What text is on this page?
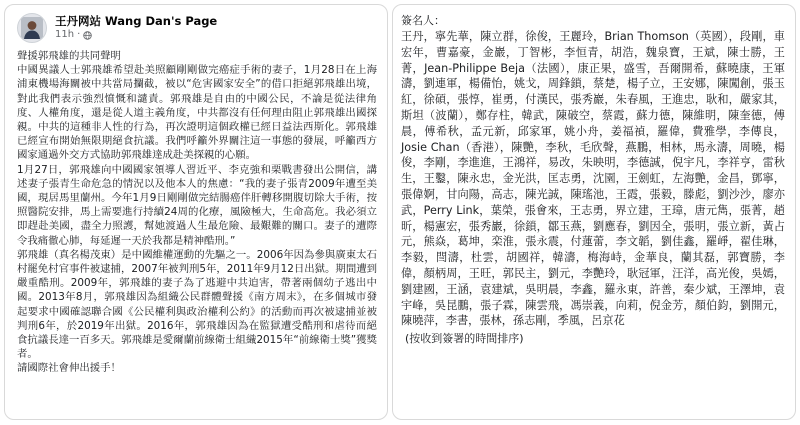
王丹网站 Wang Dan's Page
11h ·

聲援郭飛雄的共同聲明

中國異議人士郭飛雄希望赴美照顧剛剛做完癌症手術的妻子，1月28日在上海浦東機場海關被中共當局攔截，被以“危害國家安全”的借口拒絕郭飛雄出境，對此我們表示強烈憤慨和譴責。郭飛雄是自由的中國公民，不論是從法律角度、人權角度，還是從人道主義角度，中共都沒有任何理由阻止郭飛雄出國探親。中共的這種非人性的行為，再次證明這個政權已經日益法西斯化。郭飛雄已經宣布開始無限期絕食抗議。我們呼籲外界關注這一事態的發展，呼籲西方國家通過外交方式協助郭飛雄達成赴美探親的心願。

1月27日，郭飛雄向中國國家領導人習近平、李克強和栗戰書發出公開信，講述妻子張青生命危急的情況以及他本人的焦慮：“我的妻子張青2009年遭至美國，現居馬里蘭州。今年1月9日剛剛做完結腸癌伴肝轉移開腹切除大手術，按照醫院安排，馬上需要進行持續24周的化療，風險極大，生命高危。我必須立即趕赴美國，盡全力照護，幫她渡過人生最危險、最艱難的關口。妻子的遭際令我痛徹心肺，每延遲一天於我都是精神酷刑。”

郭飛雄（真名楊茂東）是中國維權運動的先驅之一。2006年因為參與廣東太石村罷免村官事件被逮捕，2007年被判刑5年，2011年9月12日出獄。期間遭到嚴重酷刑。2009年，郭飛雄的妻子為了逃避中共迫害，帶著兩個幼子逃出中國。2013年8月，郭飛雄因為組織公民群體聲援《南方周末》，在多個城市發起要求中國確認聯合國《公民權利與政治權利公約》的活動而再次被逮捕並被判刑6年，於2019年出獄。2016年，郭飛雄因為在監獄遭受酷刑和虐待而絕食抗議長達一百多天。郭飛雄是愛爾蘭前線衛士組織2015年“前線衛士獎”獲獎者。

請國際社會伸出援手！

簽名人：
王丹，寧先華，陳立群，徐俊，王麗玲，Brian Thomson（英國），段剛，車宏年，曹嘉豪，金巖，丁智彬，李恒青，胡浩，魏泉寶，王斌，陳士勝，王菁，Jean-Philippe Beja（法國），康正果，盛雪，吾爾開希，蘇曉康，王軍濤，劉連軍，楊備怡，姚戈，周鋒鎖，蔡楚，楊子立，王安娜，陳闖創，張玉紅，徐碩，張惇，崔勇，付漢民，張秀巖，朱春風，王進忠，耿和，嚴家其，斯坦（波蘭），鄭存柱，韓武，陳破空，蔡霞，蘇力德，陳維明，陳奎德，傅晨，傅希秋，孟元新，邱家軍，姚小舟，姜福禎，羅偉，費雅學，李傳良，Josie Chan（香港），陳艷，李秋，毛欣聲，燕鵬，相林，馬永濤，周曉，楊俊，李剛，李進進，王鴻祥，易改，朱映明，李德誠，倪宇凡，李祥亨，雷秋生，王鑿，陳永忠，金光洪，匡志勇，沈園，王劍虹，左海艷，金昌，鄧寧，張偉婀，甘向陽，高志，陳光誠，陳瑤池，王霞，張毅，滕彪，劉沙沙，廖亦武，Perry Link，葉榮，張會來，王志勇，界立建，王璋，唐元雋，張菁，趙昕，楊憲宏，張秀巖，徐鎖，鄒玉燕，劉應春，劉因全，張明，張立新，黃占元，熊焱，葛坤，栾淮，張永震，付蓮蕾，李文韜，劉佳鑫，羅崢，翟佳琳，李毅，閆濤，杜雲，胡國祥，韓濤，梅海峙，金華良，蘭其磊，郭寶勝，李偉，顏柄周，王旺，郭民主，劉元，李艷玲，耿冠軍，汪洋，高光俊，吳嫣，劉建國，王涵，袁建斌，吳明晨，李鑫，羅永東，許善，秦少斌，王澤坤，袁宇峰，吳昆鵬，張子霖，陳雲飛，馮崇義，向莉，倪金芳，顏伯鈞，劉開元，陳曉萍，李書，張林，孫志剛，季風，呂京花
(按收到簽署的時間排序)
